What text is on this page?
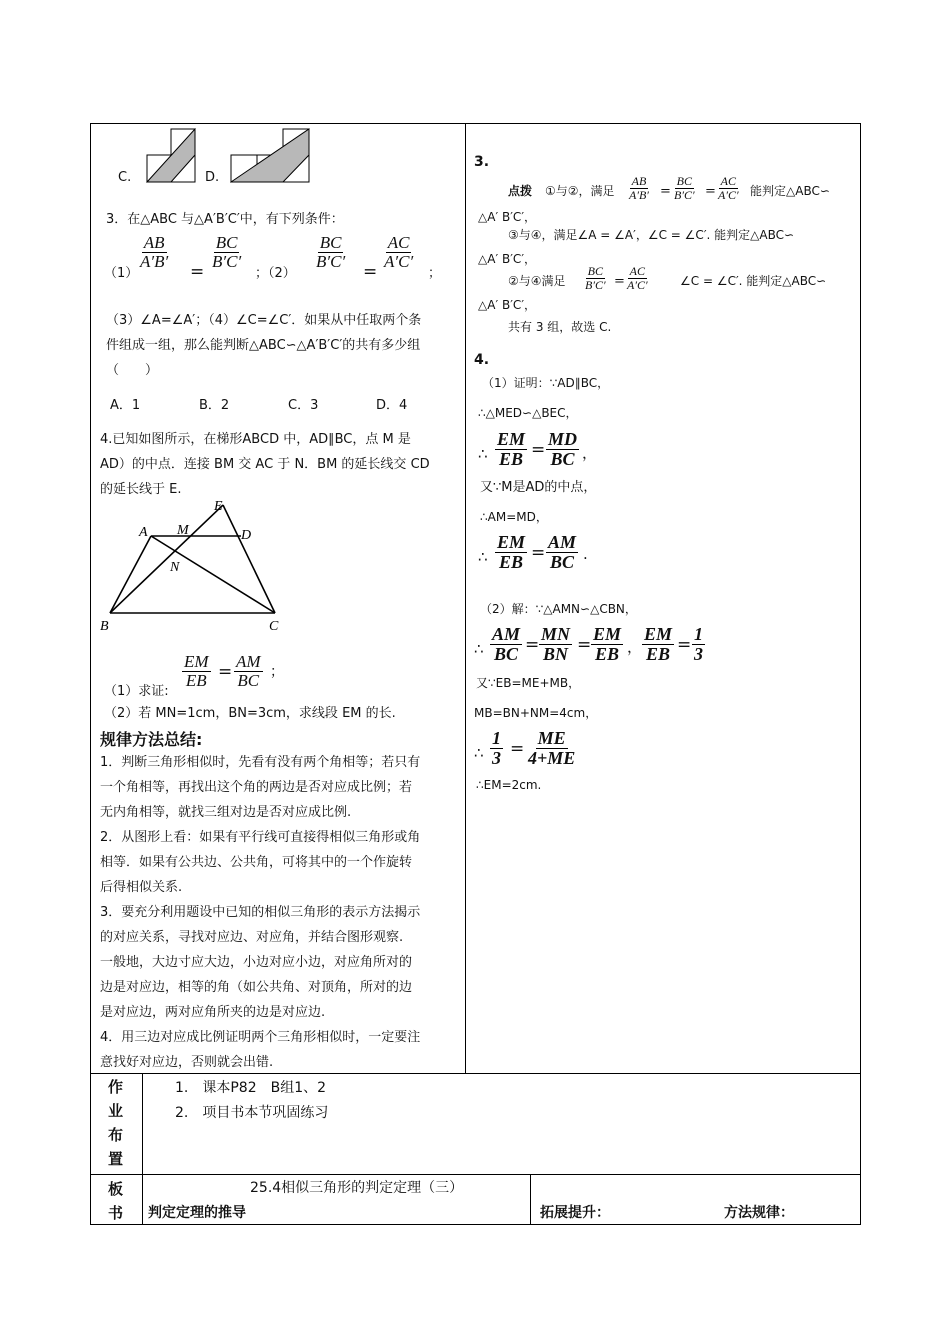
C.	D.
3．在△ABC 与△A′B′C′中，有下列条件：
（1）
$\frac{AB}{A'B'}$
=
$\frac{BC}{B'C'}$
；（2）
$\frac{BC}{B'C'}$
=
$\frac{AC}{A'C'}$
；
（3）∠A=∠A′；（4）∠C=∠C′．如果从中任取两个条
件组成一组，那么能判断△ABC∽△A′B′C′的共有多少组
（　　）
A．1	B．2	C．3	D．4
4.已知如图所示，在梯形ABCD 中，AD∥BC，点 M 是
AD）的中点．连接 BM 交 AC 于 N．BM 的延长线交 CD
的延长线于 E.
A M
E
D
N
B	C
$\frac{EM}{EB} = \frac{AM}{BC}$ ；
（1）求证:
（2）若 MN=1cm，BN=3cm，求线段 EM 的长.
规律方法总结:
1．判断三角形相似时，先看有没有两个角相等；若只有
一个角相等，再找出这个角的两边是否对应成比例；若
无内角相等，就找三组对边是否对应成比例.
2．从图形上看：如果有平行线可直接得相似三角形或角
相等．如果有公共边、公共角，可将其中的一个作旋转
后得相似关系.
3．要充分利用题设中已知的相似三角形的表示方法揭示
的对应关系，寻找对应边、对应角，并结合图形观察.
一般地，大边寸应大边，小边对应小边，对应角所对的
边是对应边，相等的角（如公共角、对顶角，所对的边
是对应边，两对应角所夹的边是对应边.
4．用三边对应成比例证明两个三角形相似时，一定要注
意找好对应边，否则就会出错.
3.
点拨 ①与②，满足 $\frac{AB}{A'B'} = \frac{BC}{B'C'} = \frac{AC}{A'C'}$ 能判定△ABC∽
△A′ B′C′，
③与④，满足∠A = ∠A′，∠C = ∠C′. 能判定△ABC∽
△A′ B′C′，
②与④满足 $\frac{BC}{B'C'} = \frac{AC}{A'C'}$	∠C = ∠C′. 能判定△ABC∽
△A′ B′C′，
共有 3 组，故选 C.
4.
（1）证明：∵AD∥BC，
∴△MED∽△BEC，
∴ $\frac{EM}{EB} = \frac{MD}{BC}$ ，
又∵M是AD的中点，
∴AM=MD，
∴ $\frac{EM}{EB} = \frac{AM}{BC}$ .
（2）解：∵△AMN∽△CBN，
∴ $\frac{AM}{BC} = \frac{MN}{BN} = \frac{EM}{EB}$ ， $\frac{EM}{EB} = \frac{1}{3}$
又∵EB=ME+MB，
MB=BN+NM=4cm，
∴ $\frac{1}{3} = \frac{ME}{4+ME}$
∴EM=2cm.
作
业
布
置
1.　课本P82　B组1、2
2.　项目书本节巩固练习
板
书
25.4相似三角形的判定定理（三）
判定定理的推导	拓展提升：	方法规律：
